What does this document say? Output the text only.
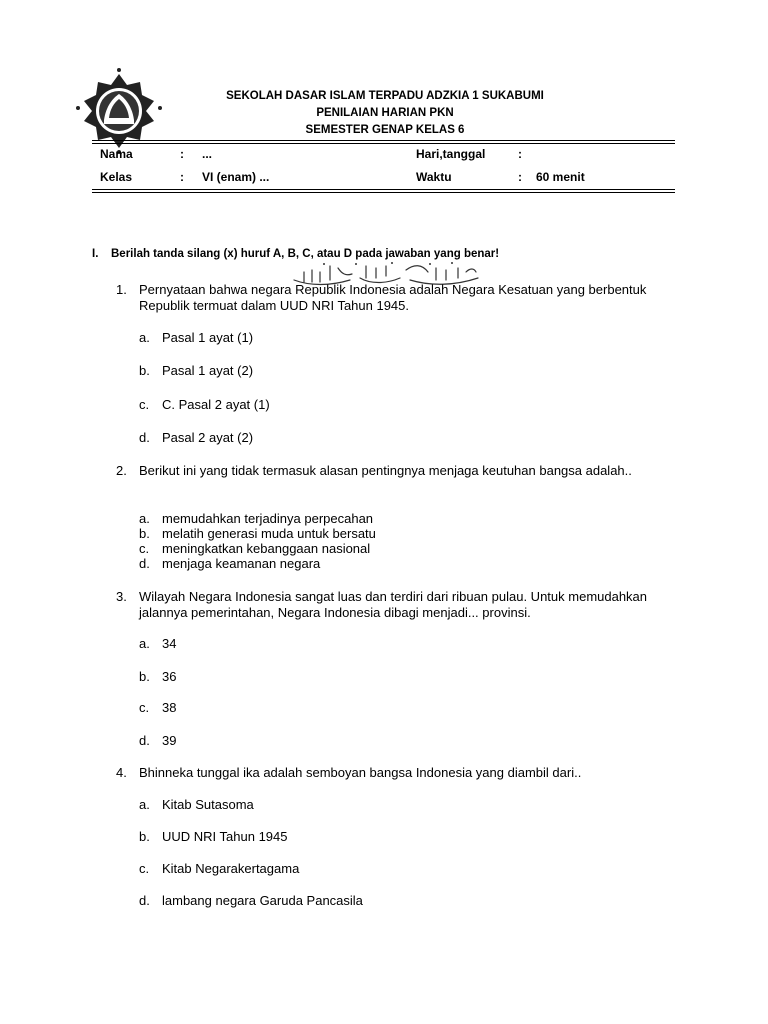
SEKOLAH DASAR ISLAM TERPADU ADZKIA 1 SUKABUMI
PENILAIAN HARIAN PKN
SEMESTER GENAP KELAS 6
Nama	: ...	Hari,tanggal	:
Kelas	: VI (enam) ...	Waktu	: 60 menit
I. Berilah tanda silang (x) huruf A, B, C, atau D pada jawaban yang benar!
1. Pernyataan bahwa negara Republik Indonesia adalah Negara Kesatuan yang berbentuk Republik termuat dalam UUD NRI Tahun 1945.
a. Pasal 1 ayat (1)
b. Pasal 1 ayat (2)
c. C. Pasal 2 ayat (1)
d. Pasal 2 ayat (2)
2. Berikut ini yang tidak termasuk alasan pentingnya menjaga keutuhan bangsa adalah..
a. memudahkan terjadinya perpecahan
b. melatih generasi muda untuk bersatu
c. meningkatkan kebanggaan nasional
d. menjaga keamanan negara
3. Wilayah Negara Indonesia sangat luas dan terdiri dari ribuan pulau. Untuk memudahkan jalannya pemerintahan, Negara Indonesia dibagi menjadi... provinsi.
a. 34
b. 36
c. 38
d. 39
4. Bhinneka tunggal ika adalah semboyan bangsa Indonesia yang diambil dari..
a. Kitab Sutasoma
b. UUD NRI Tahun 1945
c. Kitab Negarakertagama
d. lambang negara Garuda Pancasila
